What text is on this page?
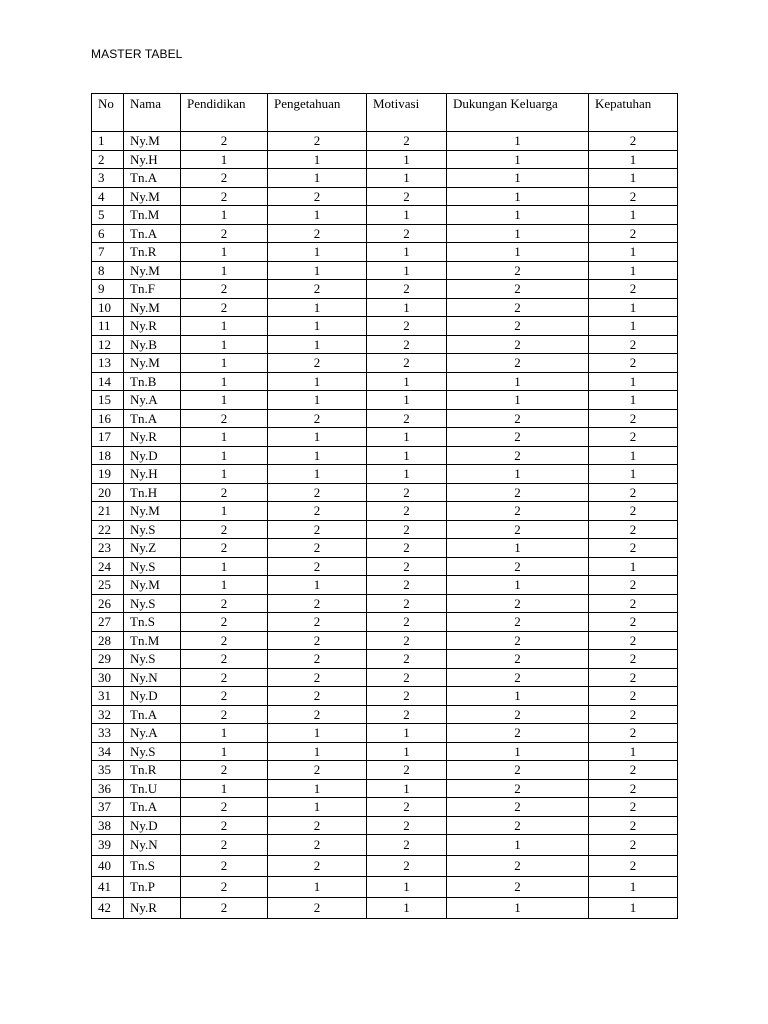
MASTER TABEL
No	Nama	Pendidikan	Pengetahuan	Motivasi	Dukungan Keluarga	Kepatuhan
1	Ny.M	2	2	2	1	2
2	Ny.H	1	1	1	1	1
3	Tn.A	2	1	1	1	1
4	Ny.M	2	2	2	1	2
5	Tn.M	1	1	1	1	1
6	Tn.A	2	2	2	1	2
7	Tn.R	1	1	1	1	1
8	Ny.M	1	1	1	2	1
9	Tn.F	2	2	2	2	2
10	Ny.M	2	1	1	2	1
11	Ny.R	1	1	2	2	1
12	Ny.B	1	1	2	2	2
13	Ny.M	1	2	2	2	2
14	Tn.B	1	1	1	1	1
15	Ny.A	1	1	1	1	1
16	Tn.A	2	2	2	2	2
17	Ny.R	1	1	1	2	2
18	Ny.D	1	1	1	2	1
19	Ny.H	1	1	1	1	1
20	Tn.H	2	2	2	2	2
21	Ny.M	1	2	2	2	2
22	Ny.S	2	2	2	2	2
23	Ny.Z	2	2	2	1	2
24	Ny.S	1	2	2	2	1
25	Ny.M	1	1	2	1	2
26	Ny.S	2	2	2	2	2
27	Tn.S	2	2	2	2	2
28	Tn.M	2	2	2	2	2
29	Ny.S	2	2	2	2	2
30	Ny.N	2	2	2	2	2
31	Ny.D	2	2	2	1	2
32	Tn.A	2	2	2	2	2
33	Ny.A	1	1	1	2	2
34	Ny.S	1	1	1	1	1
35	Tn.R	2	2	2	2	2
36	Tn.U	1	1	1	2	2
37	Tn.A	2	1	2	2	2
38	Ny.D	2	2	2	2	2
39	Ny.N	2	2	2	1	2
40	Tn.S	2	2	2	2	2
41	Tn.P	2	1	1	2	1
42	Ny.R	2	2	1	1	1
